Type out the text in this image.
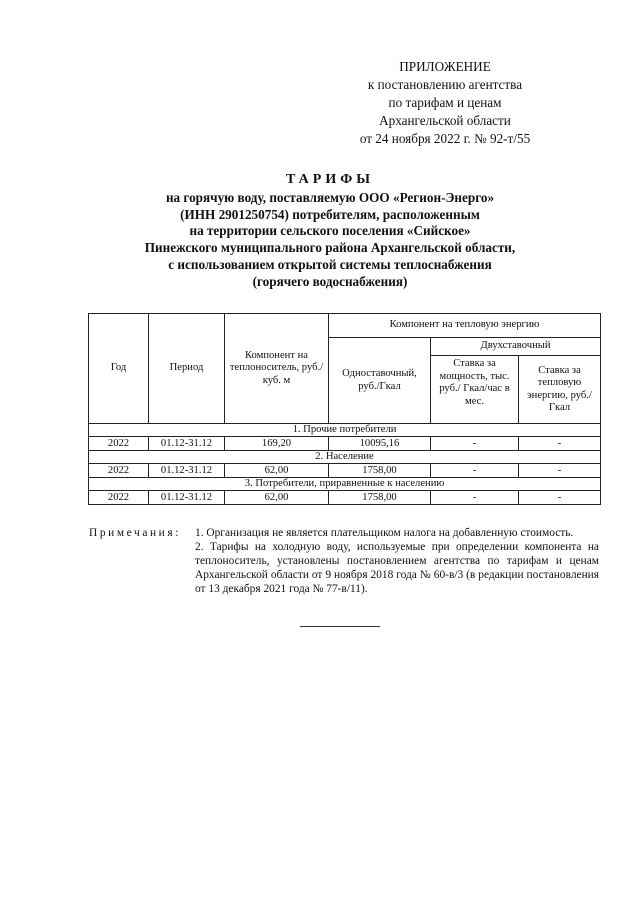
ПРИЛОЖЕНИЕ
к постановлению агентства
по тарифам и ценам
Архангельской области
от 24 ноября 2022 г. № 92-т/55
ТАРИФЫ
на горячую воду, поставляемую ООО «Регион-Энерго»
(ИНН 2901250754) потребителям, расположенным
на территории сельского поселения «Сийское»
Пинежского муниципального района Архангельской области,
с использованием открытой системы теплоснабжения
(горячего водоснабжения)
Год	Период	Компонент на теплоноситель, руб./куб. м	Компонент на тепловую энергию		
			Одноставочный, руб./Гкал	Двухставочный	
				Ставка за мощность, тыс. руб./ Гкал/час в мес.	Ставка за тепловую энергию, руб./Гкал
1. Прочие потребители					
2022	01.12-31.12	169,20	10095,16	-	-
2. Население					
2022	01.12-31.12	62,00	1758,00	-	-
3. Потребители, приравненные к населению					
2022	01.12-31.12	62,00	1758,00	-	-
Примечания: 1. Организация не является плательщиком налога на добавленную стоимость.
2. Тарифы на холодную воду, используемые при определении компонента на теплоноситель, установлены постановлением агентства по тарифам и ценам Архангельской области от 9 ноября 2018 года № 60-в/3 (в редакции постановления от 13 декабря 2021 года № 77-в/11).
